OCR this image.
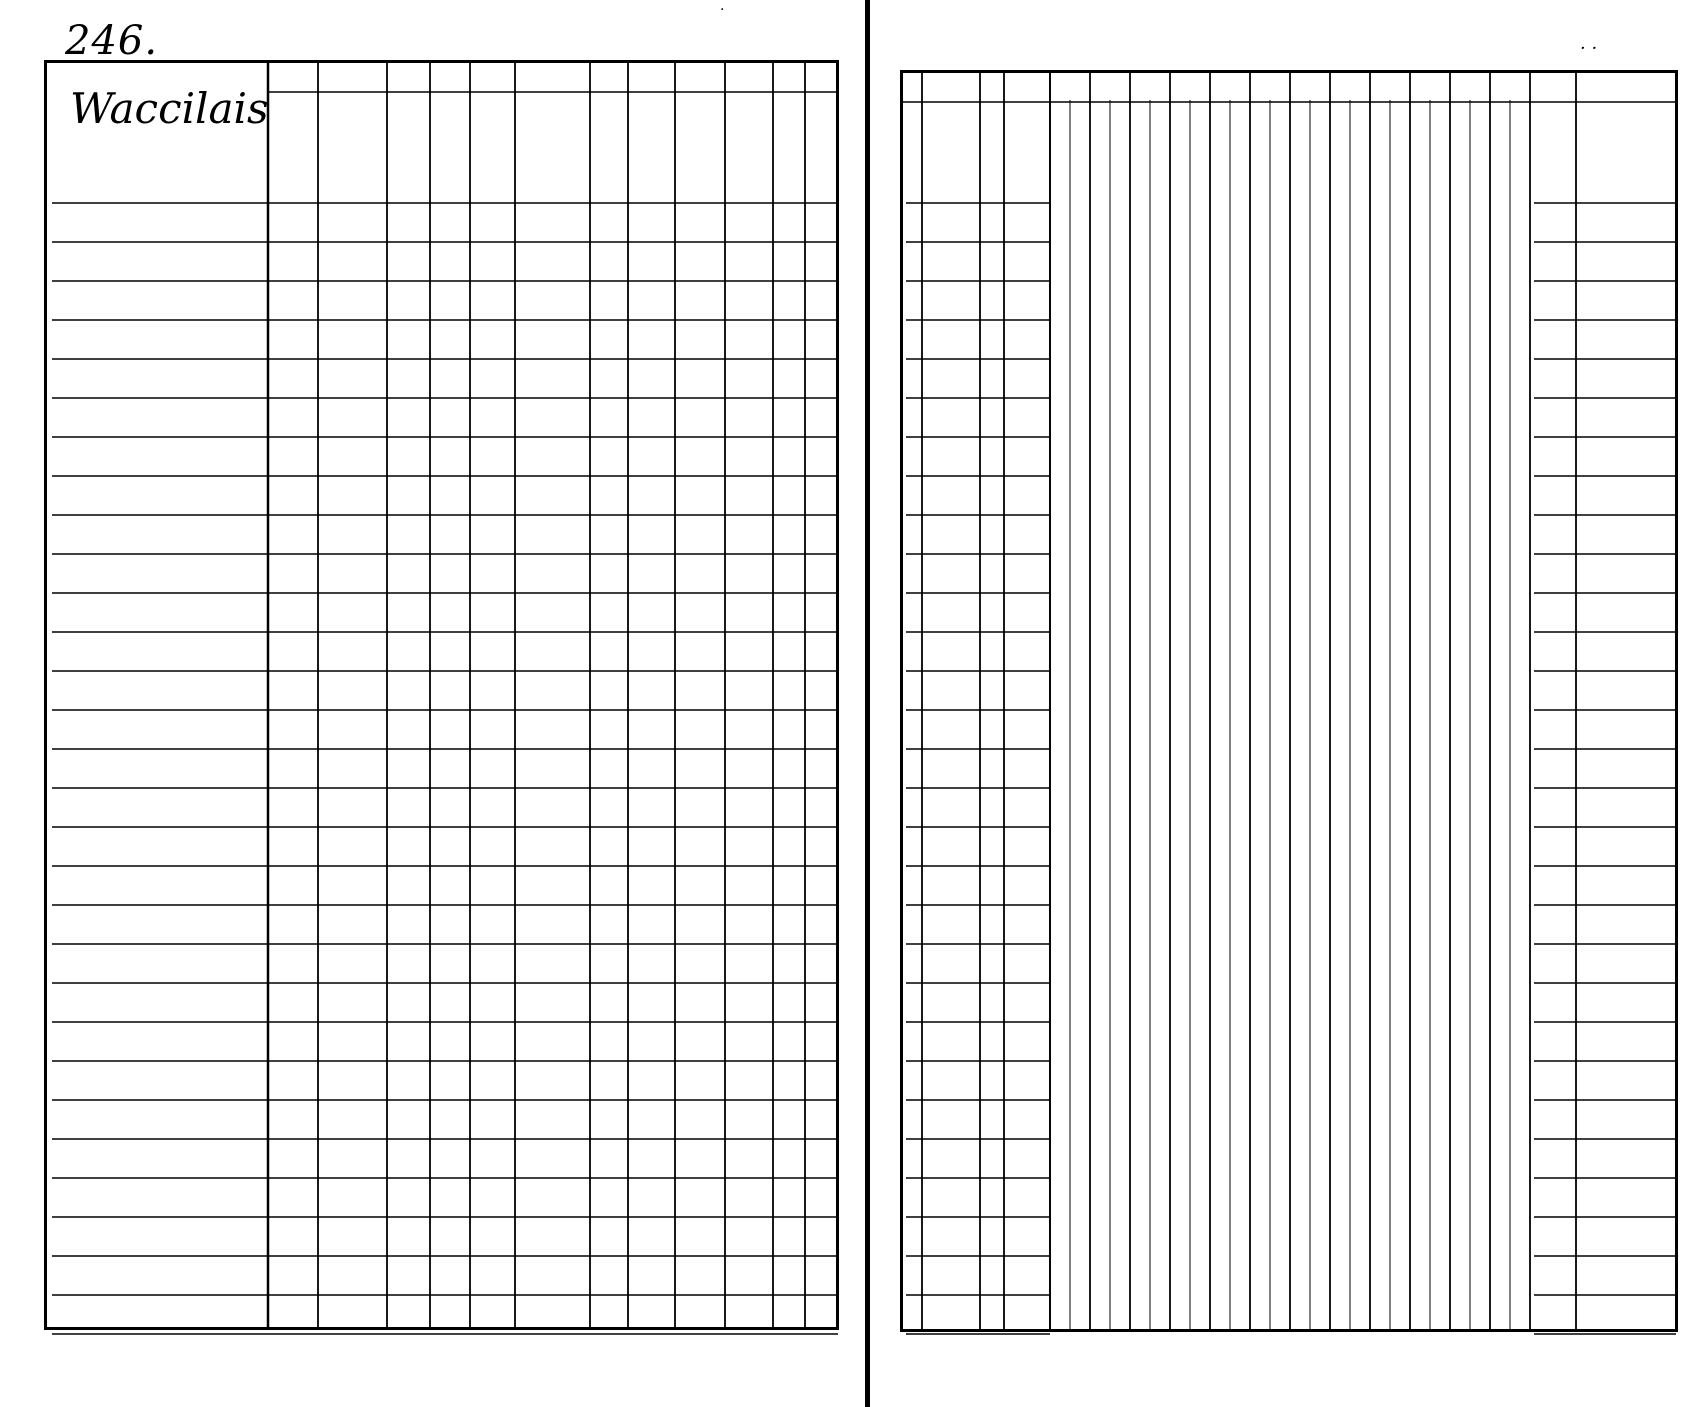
246.
·
Waccilais
· ·
